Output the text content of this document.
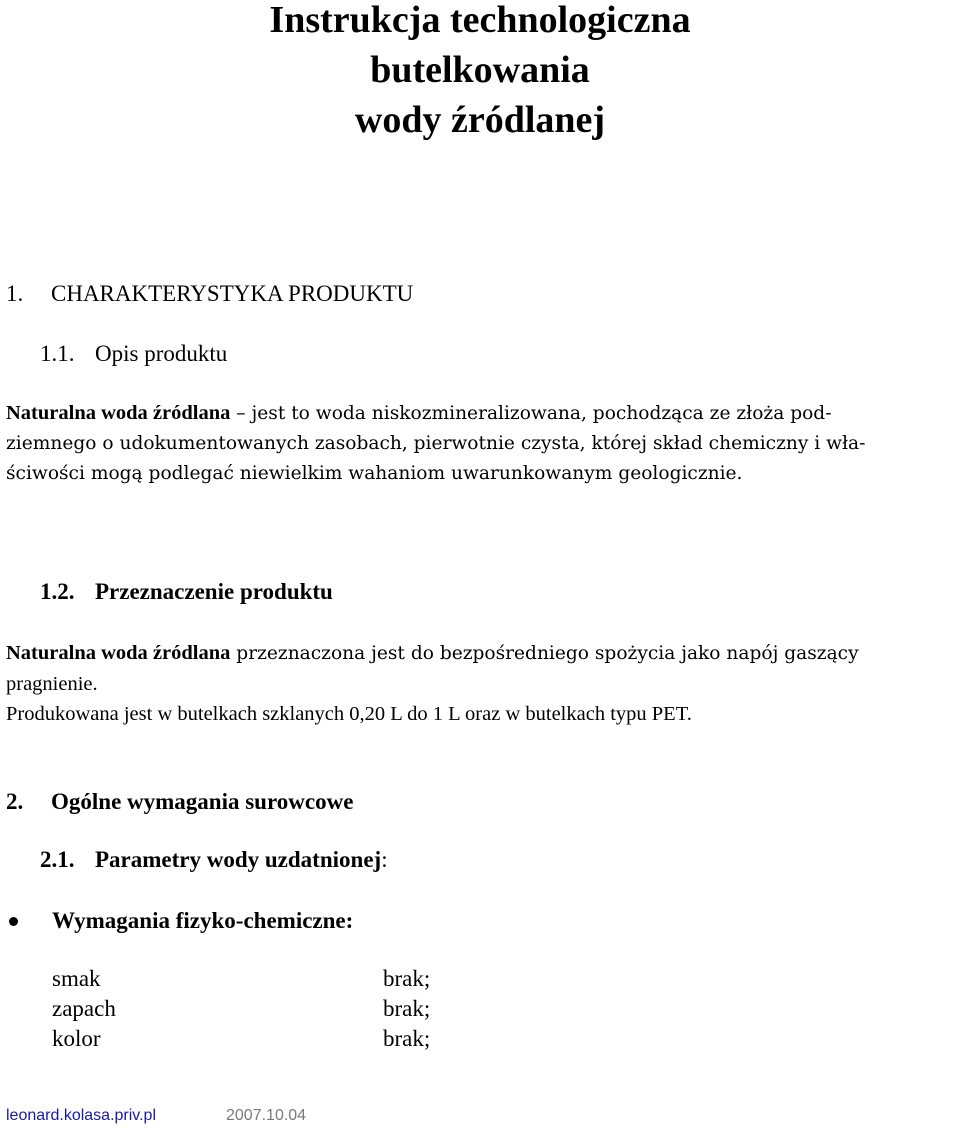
Instrukcja technologiczna
butelkowania
wody źródlanej
1. CHARAKTERYSTYKA PRODUKTU
1.1. Opis produktu
Naturalna woda źródlana – jest to woda niskozmineralizowana, pochodząca ze złoża pod-
ziemnego o udokumentowanych zasobach, pierwotnie czysta, której skład chemiczny i wła-
ściwości mogą podlegać niewielkim wahaniom uwarunkowanym geologicznie.
1.2. Przeznaczenie produktu
Naturalna woda źródlana przeznaczona jest do bezpośredniego spożycia jako napój gaszący
pragnienie.
Produkowana jest w butelkach szklanych 0,20 L do 1 L oraz w butelkach typu PET.
2. Ogólne wymagania surowcowe
2.1. Parametry wody uzdatnionej:
Wymagania fizyko-chemiczne:
smak	brak;
zapach	brak;
kolor	brak;
leonard.kolasa.priv.pl	2007.10.04
